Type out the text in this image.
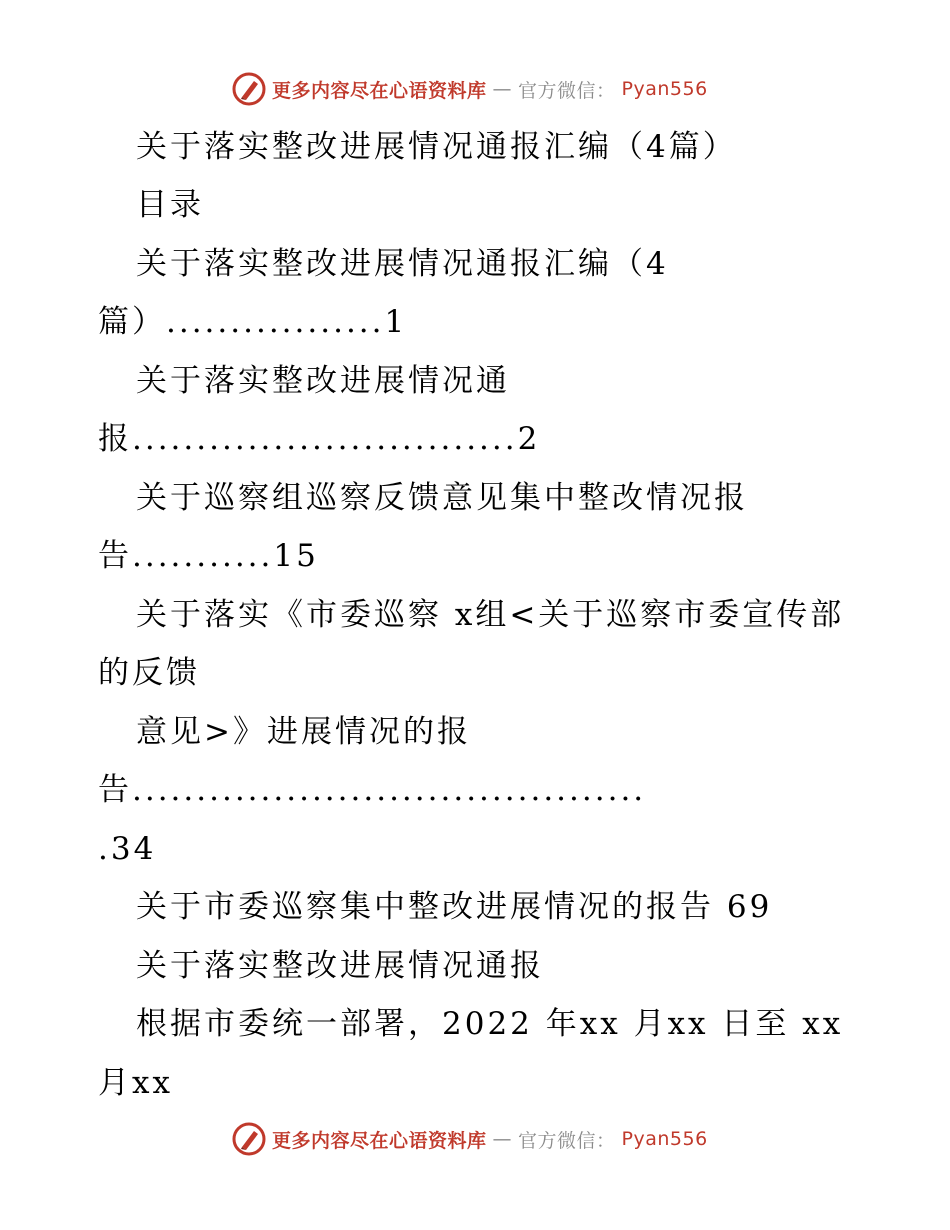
更多内容尽在心语资料库 — 官方微信： Pyan556
关于落实整改进展情况通报汇编（4篇）
目录
关于落实整改进展情况通报汇编（4
篇）.................1
关于落实整改进展情况通
报..............................2
关于巡察组巡察反馈意见集中整改情况报
告...........15
关于落实《市委巡察 x组<关于巡察市委宣传部
的反馈
意见>》进展情况的报
告........................................
.34
关于市委巡察集中整改进展情况的报告 69
关于落实整改进展情况通报
根据市委统一部署，2022 年xx 月xx 日至 xx
月xx
更多内容尽在心语资料库 — 官方微信： Pyan556
